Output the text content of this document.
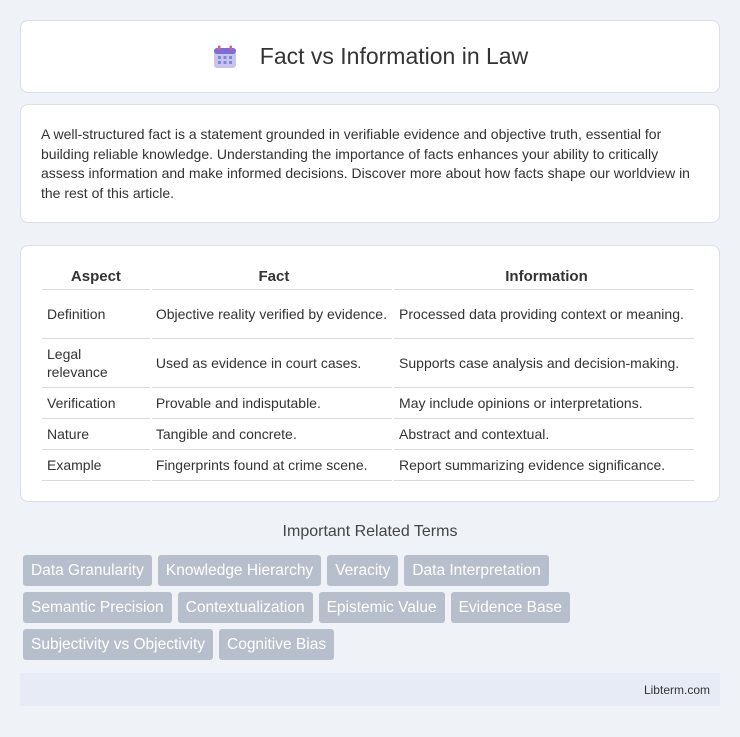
Fact vs Information in Law

A well-structured fact is a statement grounded in verifiable evidence and objective truth, essential for building reliable knowledge. Understanding the importance of facts enhances your ability to critically assess information and make informed decisions. Discover more about how facts shape our worldview in the rest of this article.

Aspect	Fact	Information
Definition	Objective reality verified by evidence.	Processed data providing context or meaning.
Legal relevance	Used as evidence in court cases.	Supports case analysis and decision-making.
Verification	Provable and indisputable.	May include opinions or interpretations.
Nature	Tangible and concrete.	Abstract and contextual.
Example	Fingerprints found at crime scene.	Report summarizing evidence significance.
Important Related Terms
Data Granularity	Knowledge Hierarchy	Veracity	Data Interpretation
Semantic Precision	Contextualization	Epistemic Value	Evidence Base
Subjectivity vs Objectivity	Cognitive Bias
Libterm.com
